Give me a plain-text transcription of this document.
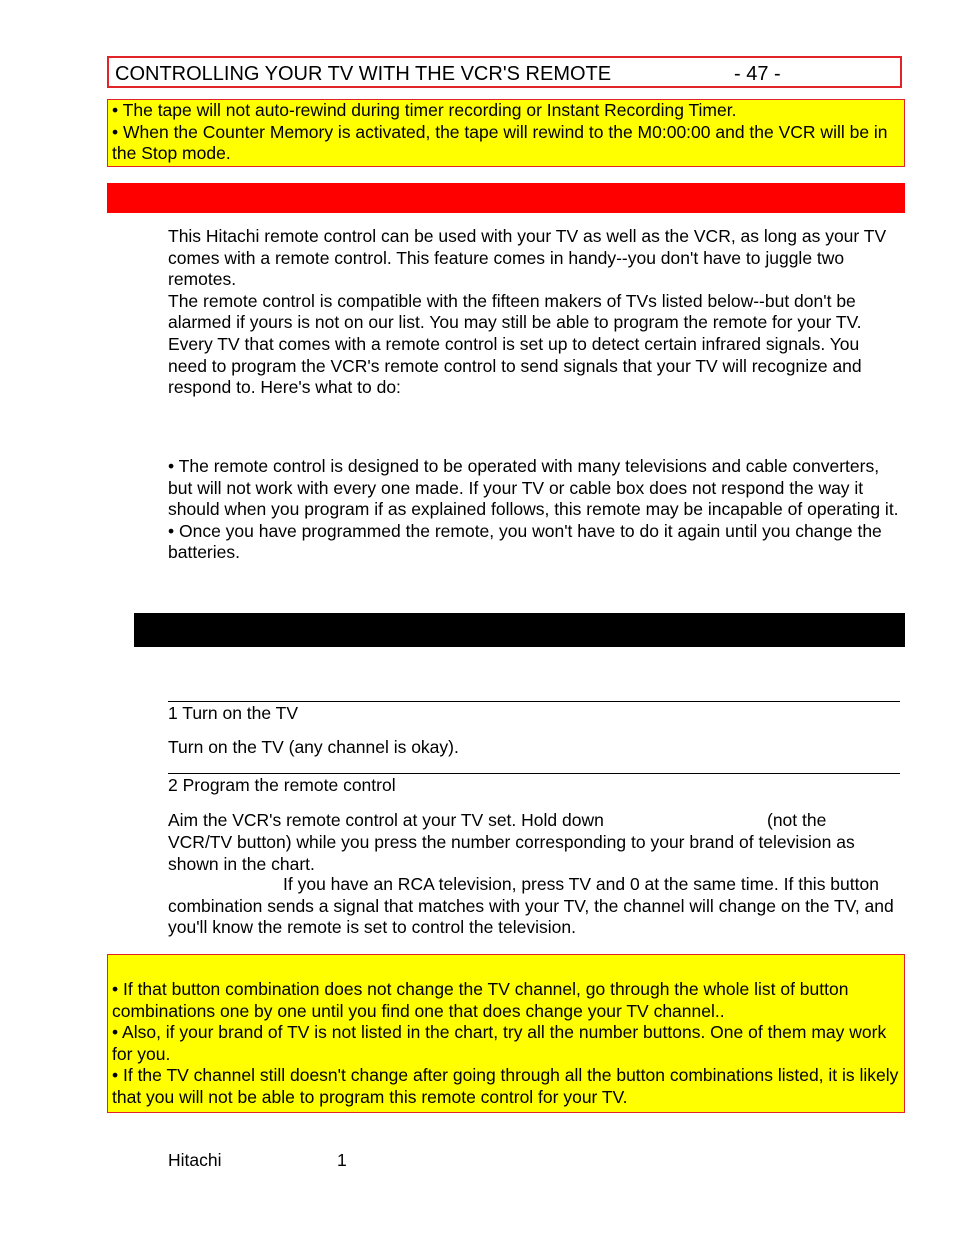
CONTROLLING YOUR TV WITH THE VCR'S REMOTE	- 47 -

• The tape will not auto-rewind during timer recording or Instant Recording Timer.

• When the Counter Memory is activated, the tape will rewind to the M0:00:00 and the VCR will be in the Stop mode.

This Hitachi remote control can be used with your TV as well as the VCR, as long as your TV comes with a remote control. This feature comes in handy--you don't have to juggle two remotes.

The remote control is compatible with the fifteen makers of TVs listed below--but don't be alarmed if yours is not on our list. You may still be able to program the remote for your TV.

Every TV that comes with a remote control is set up to detect certain infrared signals. You need to program the VCR's remote control to send signals that your TV will recognize and respond to. Here's what to do:

• The remote control is designed to be operated with many televisions and cable converters, but will not work with every one made. If your TV or cable box does not respond the way it should when you program if as explained follows, this remote may be incapable of operating it.

• Once you have programmed the remote, you won't have to do it again until you change the batteries.

1 Turn on the TV
Turn on the TV (any channel is okay).
2 Program the remote control
Aim the VCR's remote control at your TV set. Hold down	(not the
VCR/TV button) while you press the number corresponding to your brand of television as shown in the chart.
If you have an RCA television, press TV and 0 at the same time. If this button combination sends a signal that matches with your TV, the channel will change on the TV, and you'll know the remote is set to control the television.

• If that button combination does not change the TV channel, go through the whole list of button combinations one by one until you find one that does change your TV channel..

• Also, if your brand of TV is not listed in the chart, try all the number buttons. One of them may work for you.

• If the TV channel still doesn't change after going through all the button combinations listed, it is likely that you will not be able to program this remote control for your TV.

Hitachi	1
